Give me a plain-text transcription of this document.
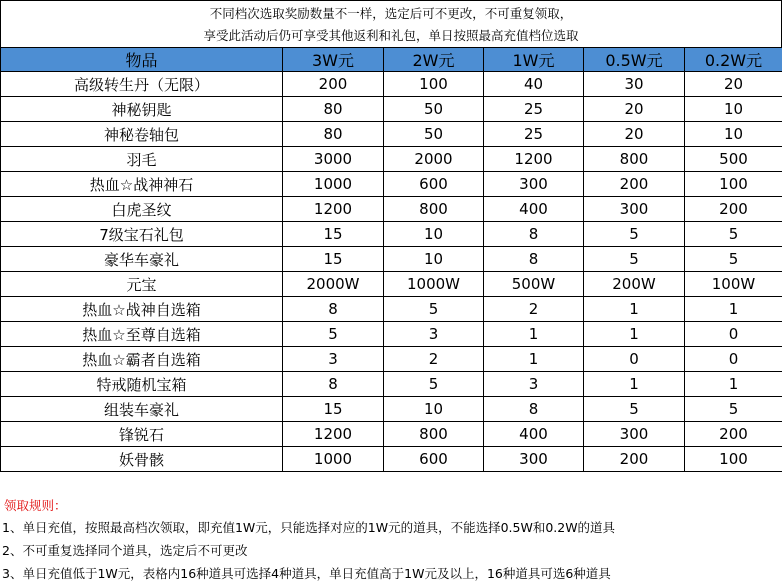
不同档次选取奖励数量不一样，选定后可不更改，不可重复领取，
享受此活动后仍可享受其他返利和礼包，单日按照最高充值档位选取
物品	3W元	2W元	1W元	0.5W元	0.2W元
高级转生丹（无限）	200	100	40	30	20
神秘钥匙	80	50	25	20	10
神秘卷轴包	80	50	25	20	10
羽毛	3000	2000	1200	800	500
热血☆战神神石	1000	600	300	200	100
白虎圣纹	1200	800	400	300	200
7级宝石礼包	15	10	8	5	5
豪华车豪礼	15	10	8	5	5
元宝	2000W	1000W	500W	200W	100W
热血☆战神自选箱	8	5	2	1	1
热血☆至尊自选箱	5	3	1	1	0
热血☆霸者自选箱	3	2	1	0	0
特戒随机宝箱	8	5	3	1	1
组装车豪礼	15	10	8	5	5
锋锐石	1200	800	400	300	200
妖骨骸	1000	600	300	200	100
领取规则：
1、单日充值，按照最高档次领取，即充值1W元，只能选择对应的1W元的道具，不能选择0.5W和0.2W的道具
2、不可重复选择同个道具，选定后不可更改
3、单日充值低于1W元，表格内16种道具可选择4种道具，单日充值高于1W元及以上，16种道具可选6种道具
